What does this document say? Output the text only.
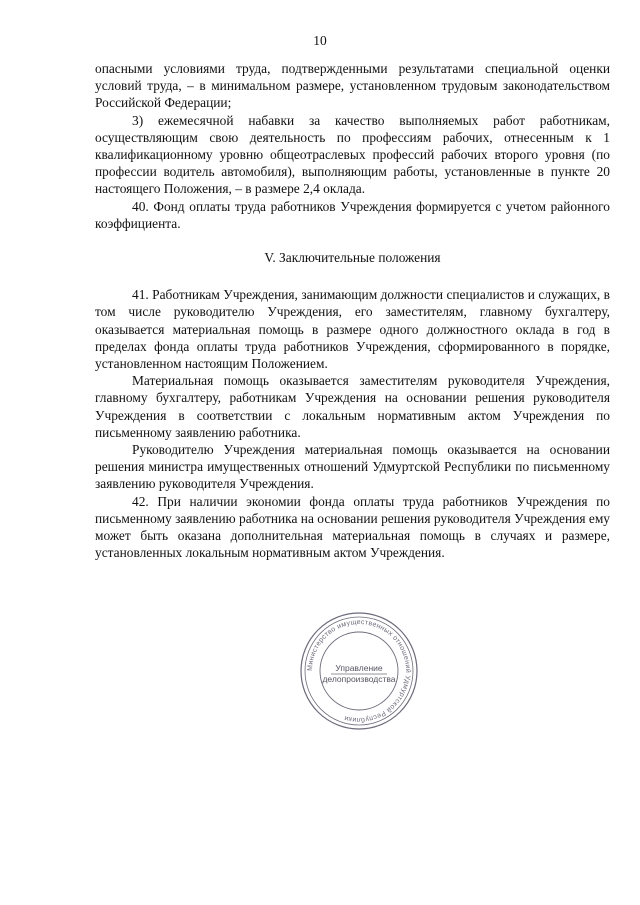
10

опасными условиями труда, подтвержденными результатами специальной оценки условий труда, – в минимальном размере, установленном трудовым законодательством Российской Федерации;

3) ежемесячной набавки за качество выполняемых работ работникам, осуществляющим свою деятельность по профессиям рабочих, отнесенным к 1 квалификационному уровню общеотраслевых профессий рабочих второго уровня (по профессии водитель автомобиля), выполняющим работы, установленные в пункте 20 настоящего Положения, – в размере 2,4 оклада.

40. Фонд оплаты труда работников Учреждения формируется с учетом районного коэффициента.

V. Заключительные положения

41. Работникам Учреждения, занимающим должности специалистов и служащих, в том числе руководителю Учреждения, его заместителям, главному бухгалтеру, оказывается материальная помощь в размере одного должностного оклада в год в пределах фонда оплаты труда работников Учреждения, сформированного в порядке, установленном настоящим Положением.

Материальная помощь оказывается заместителям руководителя Учреждения, главному бухгалтеру, работникам Учреждения на основании решения руководителя Учреждения в соответствии с локальным нормативным актом Учреждения по письменному заявлению работника.

Руководителю Учреждения материальная помощь оказывается на основании решения министра имущественных отношений Удмуртской Республики по письменному заявлению руководителя Учреждения.

42. При наличии экономии фонда оплаты труда работников Учреждения по письменному заявлению работника на основании решения руководителя Учреждения ему может быть оказана дополнительная материальная помощь в случаях и размере, установленных локальным нормативным актом Учреждения.

Министерство имущественных отношений Удмуртской Республики
Управление
делопроизводства
